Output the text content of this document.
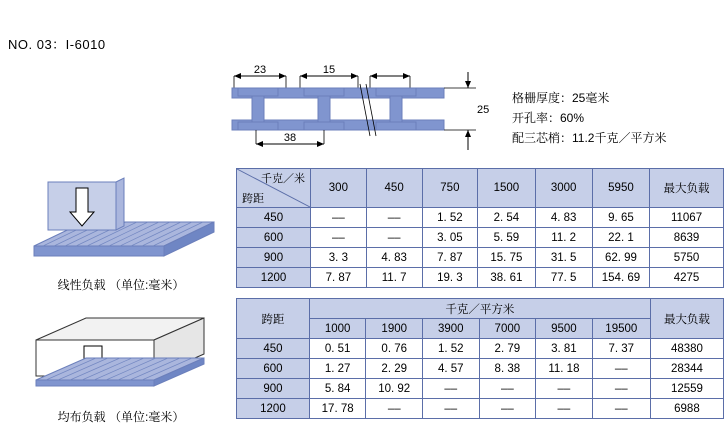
NO. 03：I-6010
23	15
38
25
格栅厚度：25毫米
开孔率：60%
配三芯梢：11.2千克／平方米
线性负载 （单位:毫米）
均布负载 （单位:毫米）
千克／米
跨距	300	450	750	1500	3000	5950	最大负载

450	––	––	1. 52	2. 54	4. 83	9. 65	11067
600	––	––	3. 05	5. 59	11. 2	22. 1	8639
900	3. 3	4. 83	7. 87	15. 75	31. 5	62. 99	5750
1200	7. 87	11. 7	19. 3	38. 61	77. 5	154. 69	4275
跨距	千克／平方米						最大负载
	1000	1900	3900	7000	9500	19500	
450	0. 51	0. 76	1. 52	2. 79	3. 81	7. 37	48380
600	1. 27	2. 29	4. 57	8. 38	11. 18	––	28344
900	5. 84	10. 92	––	––	––	––	12559
1200	17. 78	––	––	––	––	––	6988
